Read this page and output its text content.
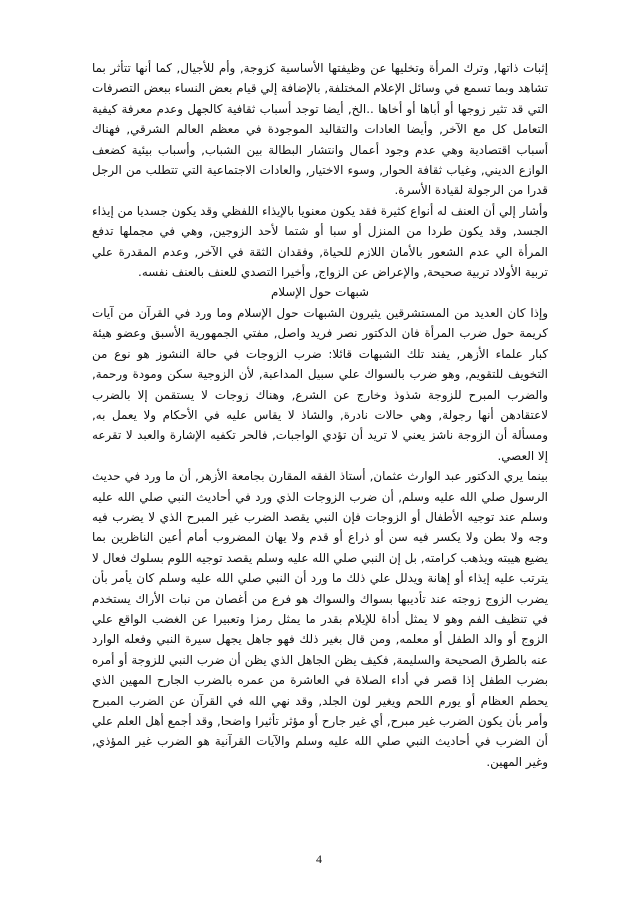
إثبات ذاتها, وترك المرأة وتخليها عن وظيفتها الأساسية كزوجة, وأم للأجيال, كما أنها تتأثر بما تشاهد وبما تسمع في وسائل الإعلام المختلفة, بالإضافة إلي قيام بعض النساء ببعض التصرفات التي قد تثير زوجها أو أباها أو أخاها ..الخ, أيضا توجد أسباب ثقافية كالجهل وعدم معرفة كيفية التعامل كل مع الآخر, وأيضا العادات والتقاليد الموجودة في معظم العالم الشرقي, فهناك أسباب اقتصادية وهي عدم وجود أعمال وانتشار البطالة بين الشباب, وأسباب بيئية كضعف الوازع الديني, وغياب ثقافة الحوار, وسوء الاختيار, والعادات الاجتماعية التي تتطلب من الرجل قدرا من الرجولة لقيادة الأسرة.

وأشار إلي أن العنف له أنواع كثيرة فقد يكون معنويا بالإيذاء اللفظي وقد يكون جسديا من إيذاء الجسد, وقد يكون طردا من المنزل أو سبا أو شتما لأحد الزوجين, وهي في مجملها تدفع المرأة الي عدم الشعور بالأمان اللازم للحياة, وفقدان الثقة في الآخر, وعدم المقدرة علي تربية الأولاد تربية صحيحة, والإعراض عن الزواج, وأخيرا التصدي للعنف بالعنف نفسه.

شبهات حول الإسلام

وإذا كان العديد من المستشرقين يثيرون الشبهات حول الإسلام وما ورد في القرآن من آيات كريمة حول ضرب المرأة فان الدكتور نصر فريد واصل, مفتي الجمهورية الأسبق وعضو هيئة كبار علماء الأزهر, يفند تلك الشبهات قائلا: ضرب الزوجات في حالة النشوز هو نوع من التخويف للتقويم, وهو ضرب بالسواك علي سبيل المداعبة, لأن الزوجية سكن ومودة ورحمة, والضرب المبرح للزوجة شذوذ وخارج عن الشرع, وهناك زوجات لا يستقمن إلا بالضرب لاعتقادهن أنها رجولة, وهي حالات نادرة, والشاذ لا يقاس عليه في الأحكام ولا يعمل به, ومسألة أن الزوجة ناشز يعني لا تريد أن تؤدي الواجبات, فالحر تكفيه الإشارة والعبد لا تقرعه إلا العصي.

بينما يري الدكتور عبد الوارث عثمان, أستاذ الفقه المقارن بجامعة الأزهر, أن ما ورد في حديث الرسول صلي الله عليه وسلم, أن ضرب الزوجات الذي ورد في أحاديث النبي صلي الله عليه وسلم عند توجيه الأطفال أو الزوجات فإن النبي يقصد الضرب غير المبرح الذي لا يضرب فيه وجه ولا بطن ولا يكسر فيه سن أو ذراع أو قدم ولا يهان المضروب أمام أعين الناظرين بما يضيع هيبته ويذهب كرامته, بل إن النبي صلي الله عليه وسلم يقصد توجيه اللوم بسلوك فعال لا يترتب عليه إيذاء أو إهانة ويدلل علي ذلك ما ورد أن النبي صلي الله عليه وسلم كان يأمر بأن يضرب الزوج زوجته عند تأديبها بسواك والسواك هو فرع من أغصان من نبات الأراك يستخدم في تنظيف الفم وهو لا يمثل أداة للإيلام بقدر ما يمثل رمزا وتعبيرا عن الغضب الواقع علي الزوج أو والد الطفل أو معلمه, ومن قال بغير ذلك فهو جاهل يجهل سيرة النبي وفعله الوارد عنه بالطرق الصحيحة والسليمة, فكيف يظن الجاهل الذي يظن أن ضرب النبي للزوجة أو أمره بضرب الطفل إذا قصر في أداء الصلاة في العاشرة من عمره بالضرب الجارح المهين الذي يحطم العظام أو يورم اللحم ويغير لون الجلد, وقد نهي الله في القرآن عن الضرب المبرح وأمر بأن يكون الضرب غير مبرح, أي غير جارح أو مؤثر تأثيرا واضحا, وقد أجمع أهل العلم علي أن الضرب في أحاديث النبي صلي الله عليه وسلم والآيات القرآنية هو الضرب غير المؤذي, وغير المهين.

4
